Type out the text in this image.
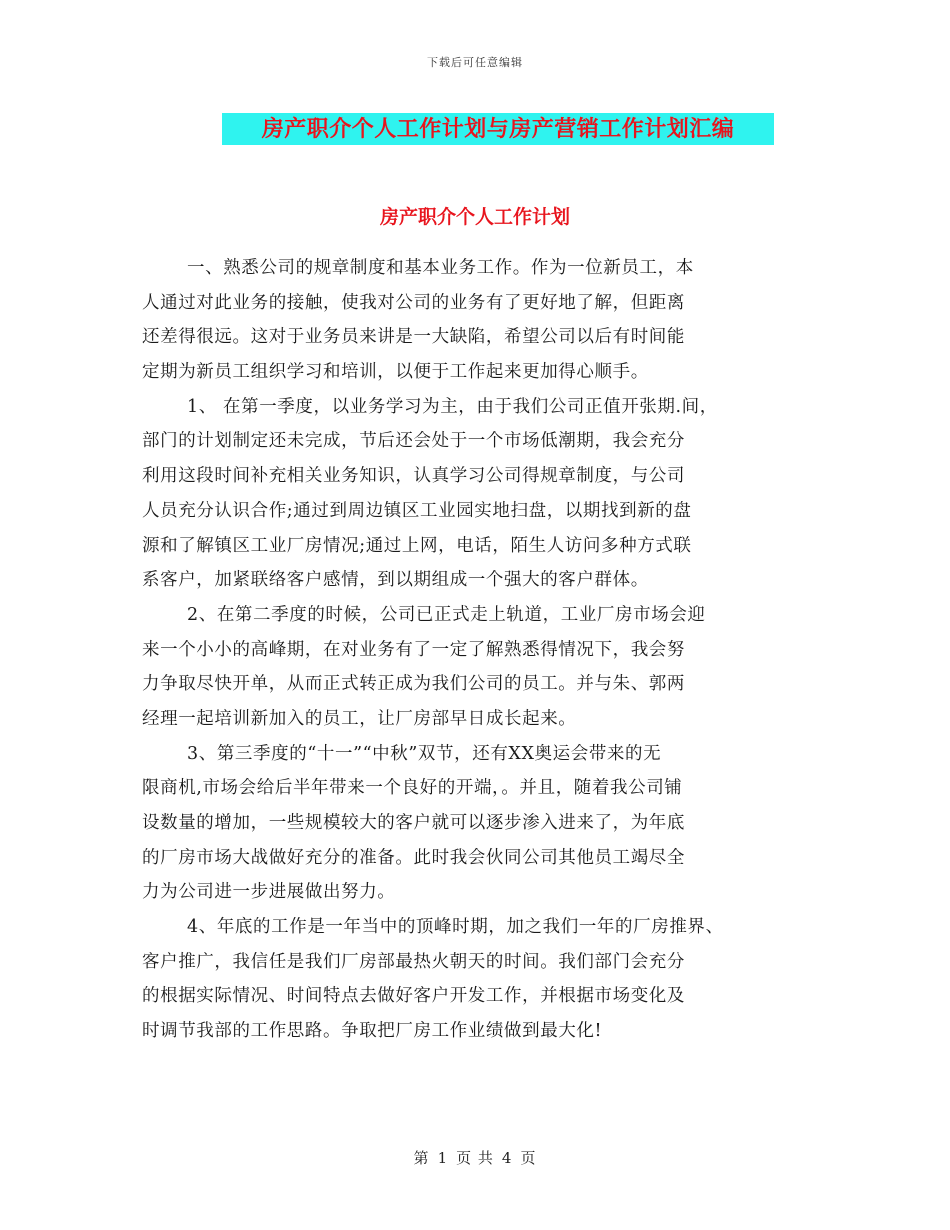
下载后可任意编辑
房产职介个人工作计划与房产营销工作计划汇编
房产职介个人工作计划
一、熟悉公司的规章制度和基本业务工作。作为一位新员工，本
人通过对此业务的接触，使我对公司的业务有了更好地了解，但距离
还差得很远。这对于业务员来讲是一大缺陷，希望公司以后有时间能
定期为新员工组织学习和培训，以便于工作起来更加得心顺手。
1、 在第一季度，以业务学习为主，由于我们公司正值开张期.间，
部门的计划制定还未完成，节后还会处于一个市场低潮期，我会充分
利用这段时间补充相关业务知识，认真学习公司得规章制度，与公司
人员充分认识合作;通过到周边镇区工业园实地扫盘，以期找到新的盘
源和了解镇区工业厂房情况;通过上网，电话，陌生人访问多种方式联
系客户，加紧联络客户感情，到以期组成一个强大的客户群体。
2、在第二季度的时候，公司已正式走上轨道，工业厂房市场会迎
来一个小小的高峰期，在对业务有了一定了解熟悉得情况下，我会努
力争取尽快开单，从而正式转正成为我们公司的员工。并与朱、郭两
经理一起培训新加入的员工，让厂房部早日成长起来。
3、第三季度的“十一”“中秋”双节，还有XX奥运会带来的无
限商机,市场会给后半年带来一个良好的开端，。并且，随着我公司铺
设数量的增加，一些规模较大的客户就可以逐步渗入进来了，为年底
的厂房市场大战做好充分的准备。此时我会伙同公司其他员工竭尽全
力为公司进一步进展做出努力。
4、年底的工作是一年当中的顶峰时期，加之我们一年的厂房推界、
客户推广，我信任是我们厂房部最热火朝天的时间。我们部门会充分
的根据实际情况、时间特点去做好客户开发工作，并根据市场变化及
时调节我部的工作思路。争取把厂房工作业绩做到最大化!
第 1 页 共 4 页
